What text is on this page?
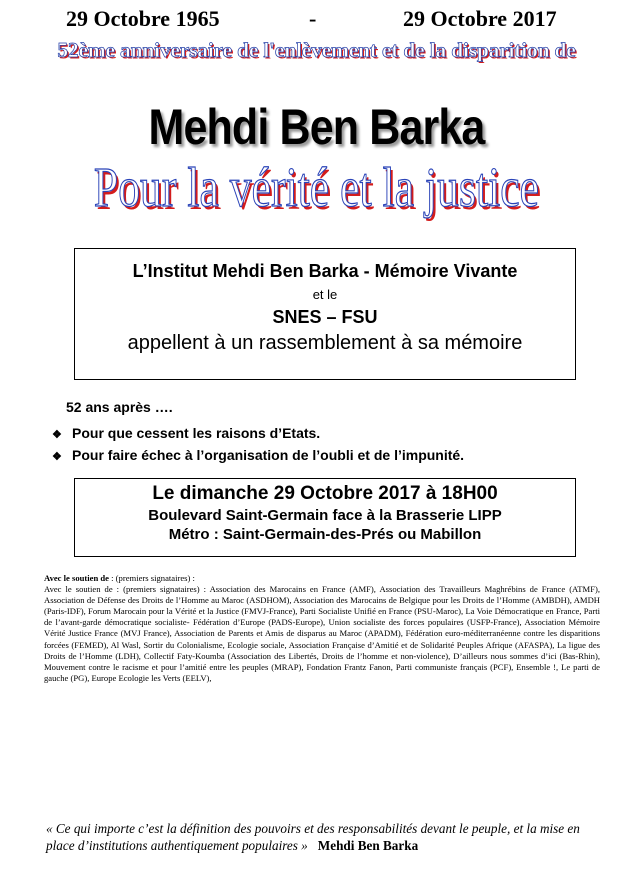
29 Octobre 1965	-	29 Octobre 2017
52ème anniversaire de l'enlèvement et de la disparition de
Mehdi Ben Barka
Pour la vérité et la justice
L’Institut Mehdi Ben Barka - Mémoire Vivante
et le
SNES – FSU
appellent à un rassemblement à sa mémoire
52 ans après ….
❖ Pour que cessent les raisons d’Etats.
❖ Pour faire échec à l’organisation de l’oubli et de l’impunité.
Le dimanche 29 Octobre 2017 à 18H00
Boulevard Saint-Germain face à la Brasserie LIPP
Métro : Saint-Germain-des-Prés ou Mabillon
Avec le soutien de : (premiers signataires) :
Avec le soutien de : (premiers signataires) : Association des Marocains en France (AMF), Association des Travailleurs Maghrébins de France (ATMF), Association de Défense des Droits de l’Homme au Maroc (ASDHOM), Association des Marocains de Belgique pour les Droits de l’Homme (AMBDH), AMDH (Paris-IDF), Forum Marocain pour la Vérité et la Justice (FMVJ-France), Parti Socialiste Unifié en France (PSU-Maroc), La Voie Démocratique en France, Parti de l’avant-garde démocratique socialiste- Fédération d’Europe (PADS-Europe), Union socialiste des forces populaires (USFP-France), Association Mémoire Vérité Justice France (MVJ France), Association de Parents et Amis de disparus au Maroc (APADM), Fédération euro-méditerranéenne contre les disparitions forcées (FEMED), Al Wasl, Sortir du Colonialisme, Ecologie sociale, Association Française d’Amitié et de Solidarité Peuples Afrique (AFASPA), La ligue des Droits de l’Homme (LDH), Collectif Faty-Koumba (Association des Libertés, Droits de l’homme et non-violence), D’ailleurs nous sommes d’ici (Bas-Rhin), Mouvement contre le racisme et pour l’amitié entre les peuples (MRAP), Fondation Frantz Fanon, Parti communiste français (PCF), Ensemble !, Le parti de gauche (PG), Europe Ecologie les Verts (EELV),
« Ce qui importe c’est la définition des pouvoirs et des responsabilités devant le peuple, et la mise en place d’institutions authentiquement populaires » Mehdi Ben Barka
